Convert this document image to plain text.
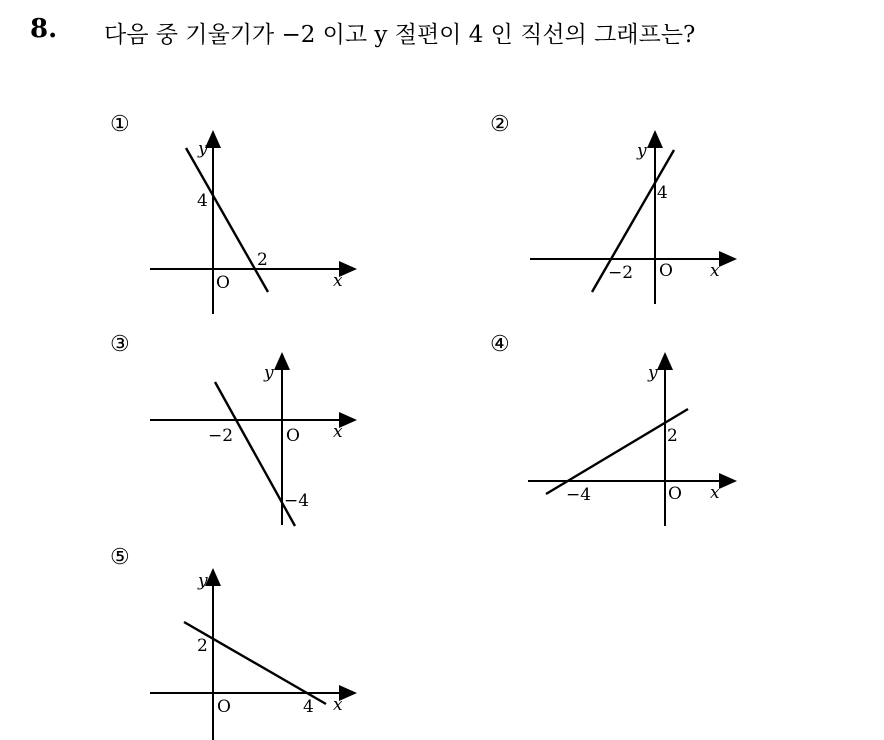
8. 다음 중 기울기가 −2 이고 y 절편이 4 인 직선의 그래프는?
①
y
x
O
4
2
②
y
x
O
4
−2
③
y
x
O
−2
−4
④
y
x
O
2
−4
⑤
y
x
O
2
4
